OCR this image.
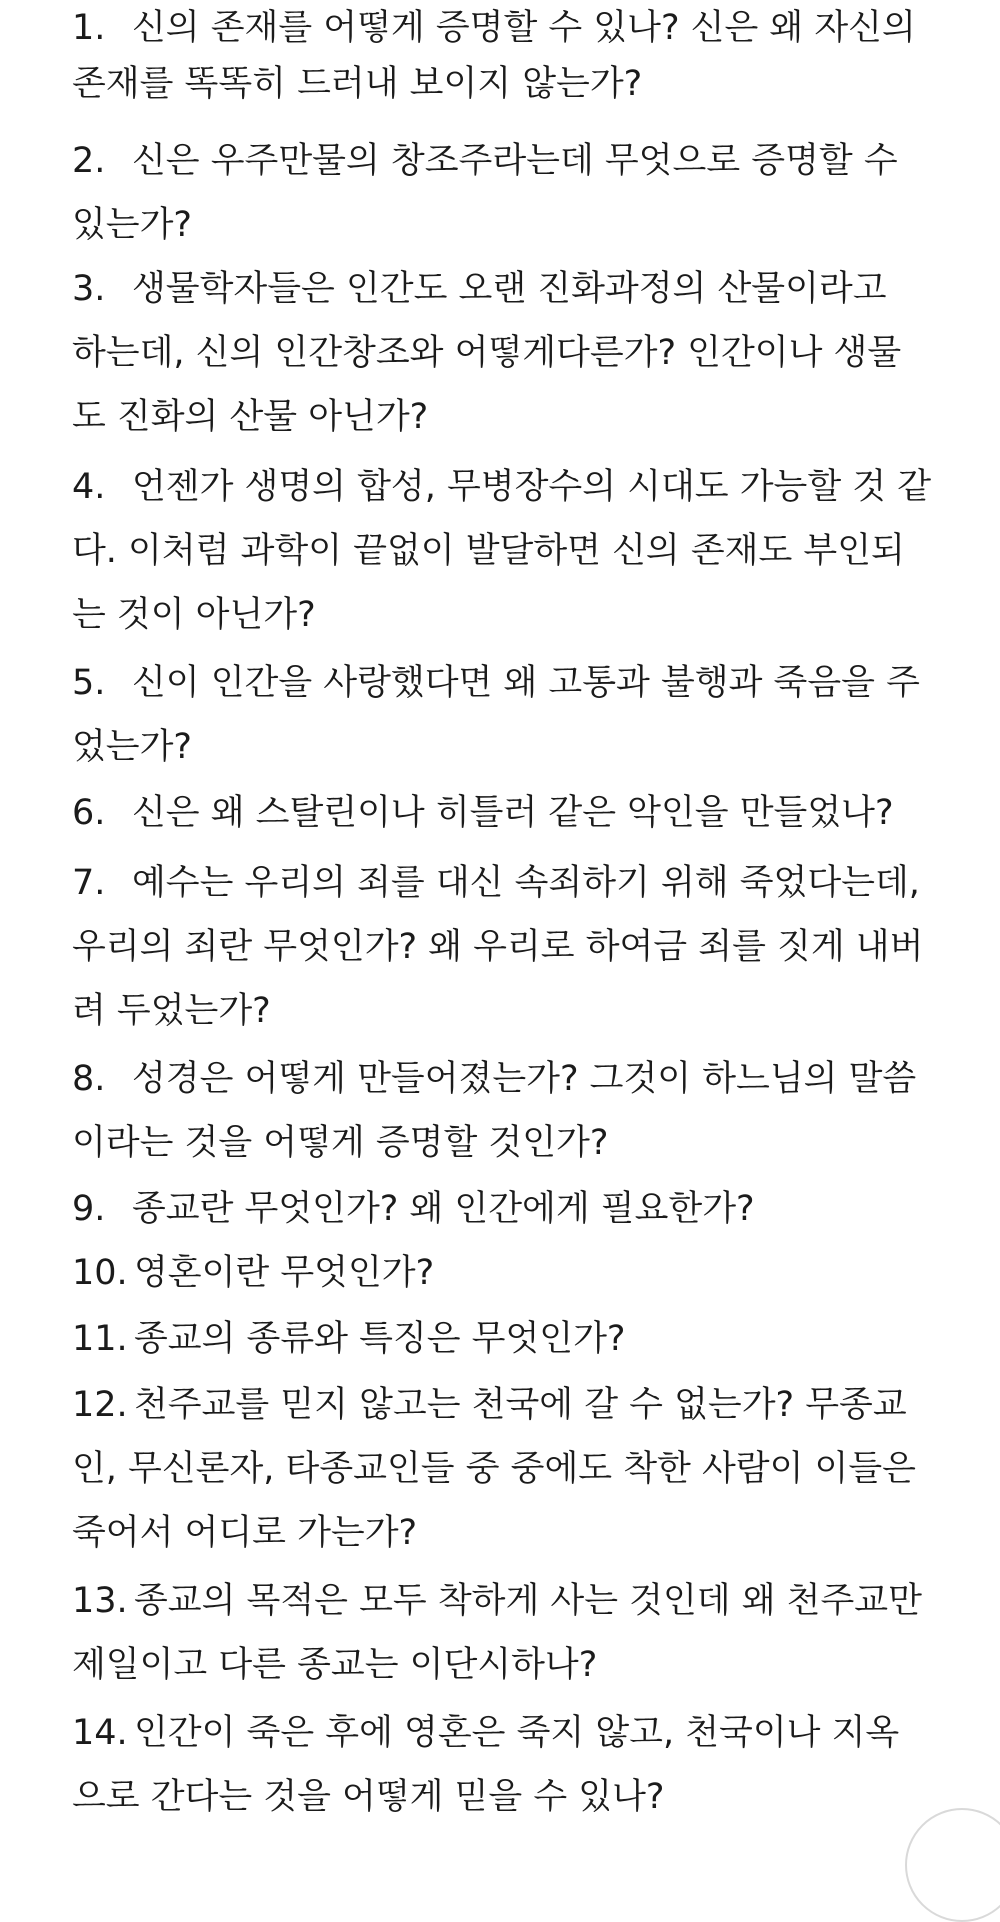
1. 신의 존재를 어떻게 증명할 수 있나? 신은 왜 자신의
존재를 똑똑히 드러내 보이지 않는가?
2. 신은 우주만물의 창조주라는데 무엇으로 증명할 수
있는가?
3. 생물학자들은 인간도 오랜 진화과정의 산물이라고
하는데, 신의 인간창조와 어떻게다른가? 인간이나 생물
도 진화의 산물 아닌가?
4. 언젠가 생명의 합성, 무병장수의 시대도 가능할 것 같
다. 이처럼 과학이 끝없이 발달하면 신의 존재도 부인되
는 것이 아닌가?
5. 신이 인간을 사랑했다면 왜 고통과 불행과 죽음을 주
었는가?
6. 신은 왜 스탈린이나 히틀러 같은 악인을 만들었나?
7. 예수는 우리의 죄를 대신 속죄하기 위해 죽었다는데,
우리의 죄란 무엇인가? 왜 우리로 하여금 죄를 짓게 내버
려 두었는가?
8. 성경은 어떻게 만들어졌는가? 그것이 하느님의 말씀
이라는 것을 어떻게 증명할 것인가?
9. 종교란 무엇인가? 왜 인간에게 필요한가?
10. 영혼이란 무엇인가?
11. 종교의 종류와 특징은 무엇인가?
12. 천주교를 믿지 않고는 천국에 갈 수 없는가? 무종교
인, 무신론자, 타종교인들 중 중에도 착한 사람이 이들은
죽어서 어디로 가는가?
13. 종교의 목적은 모두 착하게 사는 것인데 왜 천주교만
제일이고 다른 종교는 이단시하나?
14. 인간이 죽은 후에 영혼은 죽지 않고, 천국이나 지옥
으로 간다는 것을 어떻게 믿을 수 있나?
